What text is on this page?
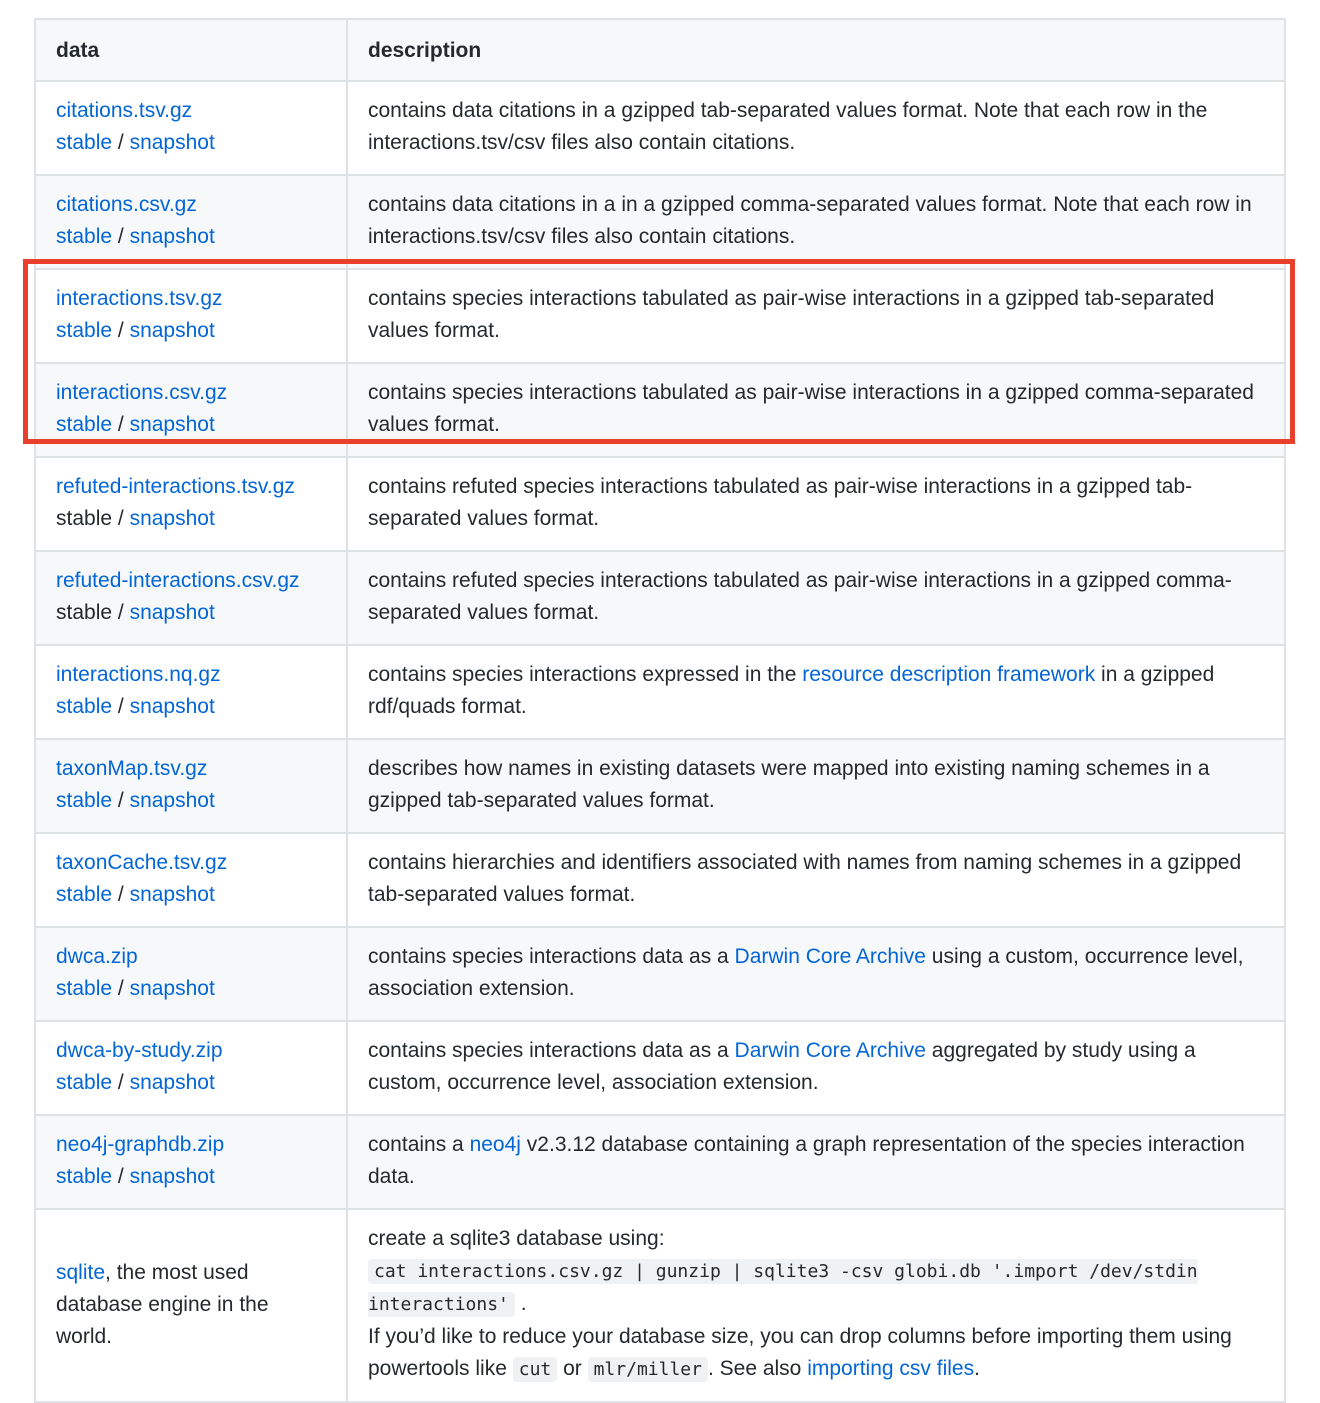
data	description
citations.tsv.gz
stable / snapshot	contains data citations in a gzipped tab-separated values format. Note that each row in the interactions.tsv/csv files also contain citations.
citations.csv.gz
stable / snapshot	contains data citations in a in a gzipped comma-separated values format. Note that each row in interactions.tsv/csv files also contain citations.
interactions.tsv.gz
stable / snapshot	contains species interactions tabulated as pair-wise interactions in a gzipped tab-separated values format.
interactions.csv.gz
stable / snapshot	contains species interactions tabulated as pair-wise interactions in a gzipped comma-separated values format.
refuted-interactions.tsv.gz
stable / snapshot	contains refuted species interactions tabulated as pair-wise interactions in a gzipped tab-separated values format.
refuted-interactions.csv.gz
stable / snapshot	contains refuted species interactions tabulated as pair-wise interactions in a gzipped comma-separated values format.
interactions.nq.gz
stable / snapshot	contains species interactions expressed in the resource description framework in a gzipped rdf/quads format.
taxonMap.tsv.gz
stable / snapshot	describes how names in existing datasets were mapped into existing naming schemes in a gzipped tab-separated values format.
taxonCache.tsv.gz
stable / snapshot	contains hierarchies and identifiers associated with names from naming schemes in a gzipped tab-separated values format.
dwca.zip
stable / snapshot	contains species interactions data as a Darwin Core Archive using a custom, occurrence level, association extension.
dwca-by-study.zip
stable / snapshot	contains species interactions data as a Darwin Core Archive aggregated by study using a custom, occurrence level, association extension.
neo4j-graphdb.zip
stable / snapshot	contains a neo4j v2.3.12 database containing a graph representation of the species interaction data.
sqlite, the most used database engine in the world.	create a sqlite3 database using:
cat interactions.csv.gz | gunzip | sqlite3 -csv globi.db '.import /dev/stdin interactions' .
If you’d like to reduce your database size, you can drop columns before importing them using powertools like cut or mlr/miller . See also importing csv files.
